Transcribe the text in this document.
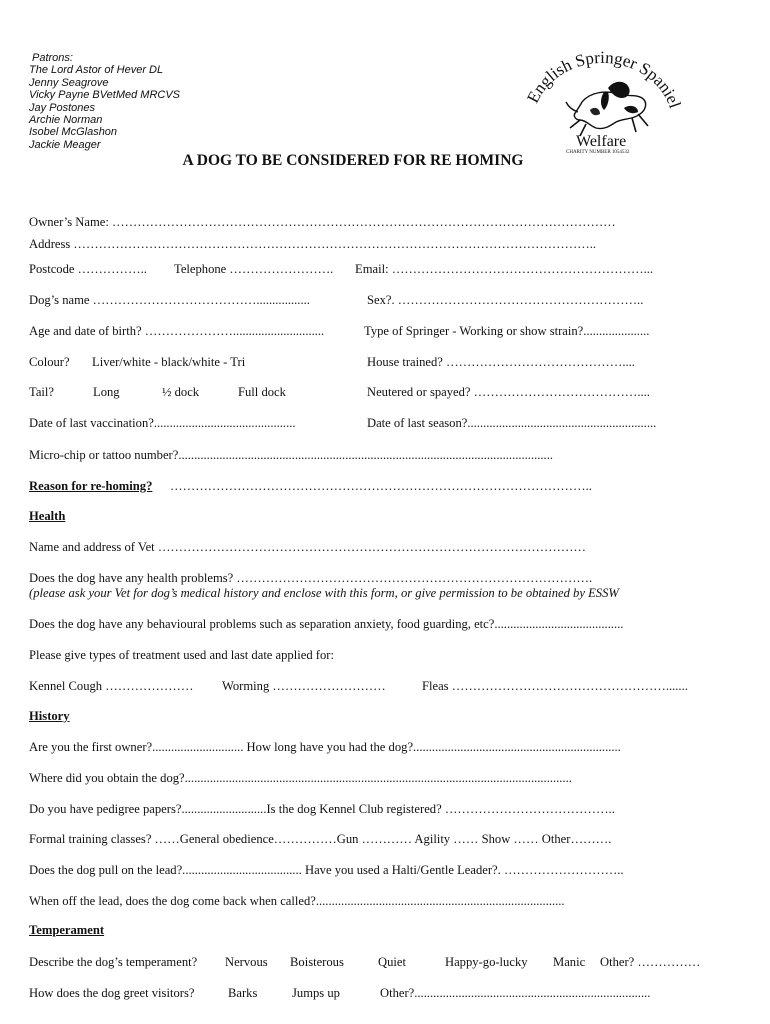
Patrons:
The Lord Astor of Hever DL
Jenny Seagrove
Vicky Payne BVetMed MRCVS
Jay Postones
Archie Norman
Isobel McGlashon
Jackie Meager
English Springer Spaniel
Welfare
CHARITY NUMBER 1054532
A DOG TO BE CONSIDERED FOR RE HOMING
Owner’s Name: …………………………………………………………………………………………………………
Address ……………………………………………………………………………………………………………..
Postcode …………….. Telephone ……………………. Email: ……………………………………………………...
Dog’s name ………………………………….................	Sex?. …………………………………………………..
Age and date of birth? ………………….............................	Type of Springer - Working or show strain?.....................
Colour? Liver/white - black/white - Tri	House trained? ……………………………………....
Tail?	Long	½ dock	Full dock	Neutered or spayed? …………………………………....
Date of last vaccination?.............................................	Date of last season?............................................................
Micro-chip or tattoo number?.......................................................................................................................
Reason for re-homing? ………………………………………………………………………………………..
Health
Name and address of Vet …………………………………………………………………………………………
Does the dog have any health problems? ………………………………………………………………………….
(please ask your Vet for dog’s medical history and enclose with this form, or give permission to be obtained by ESSW
Does the dog have any behavioural problems such as separation anxiety, food guarding, etc?.........................................
Please give types of treatment used and last date applied for:
Kennel Cough ………………… Worming ………………………	Fleas …………………………………………….......
History
Are you the first owner?............................. How long have you had the dog?..................................................................
Where did you obtain the dog?...........................................................................................................................
Do you have pedigree papers?...........................Is the dog Kennel Club registered? …………………………………..
Formal training classes? ……General obedience……………Gun ………… Agility …… Show …… Other……….
Does the dog pull on the lead?...................................... Have you used a Halti/Gentle Leader?. ………………………..
When off the lead, does the dog come back when called?...............................................................................
Temperament
Describe the dog’s temperament? Nervous Boisterous	Quiet	Happy-go-lucky Manic Other? ……………
How does the dog greet visitors?	Barks	Jumps up	Other?...........................................................................
